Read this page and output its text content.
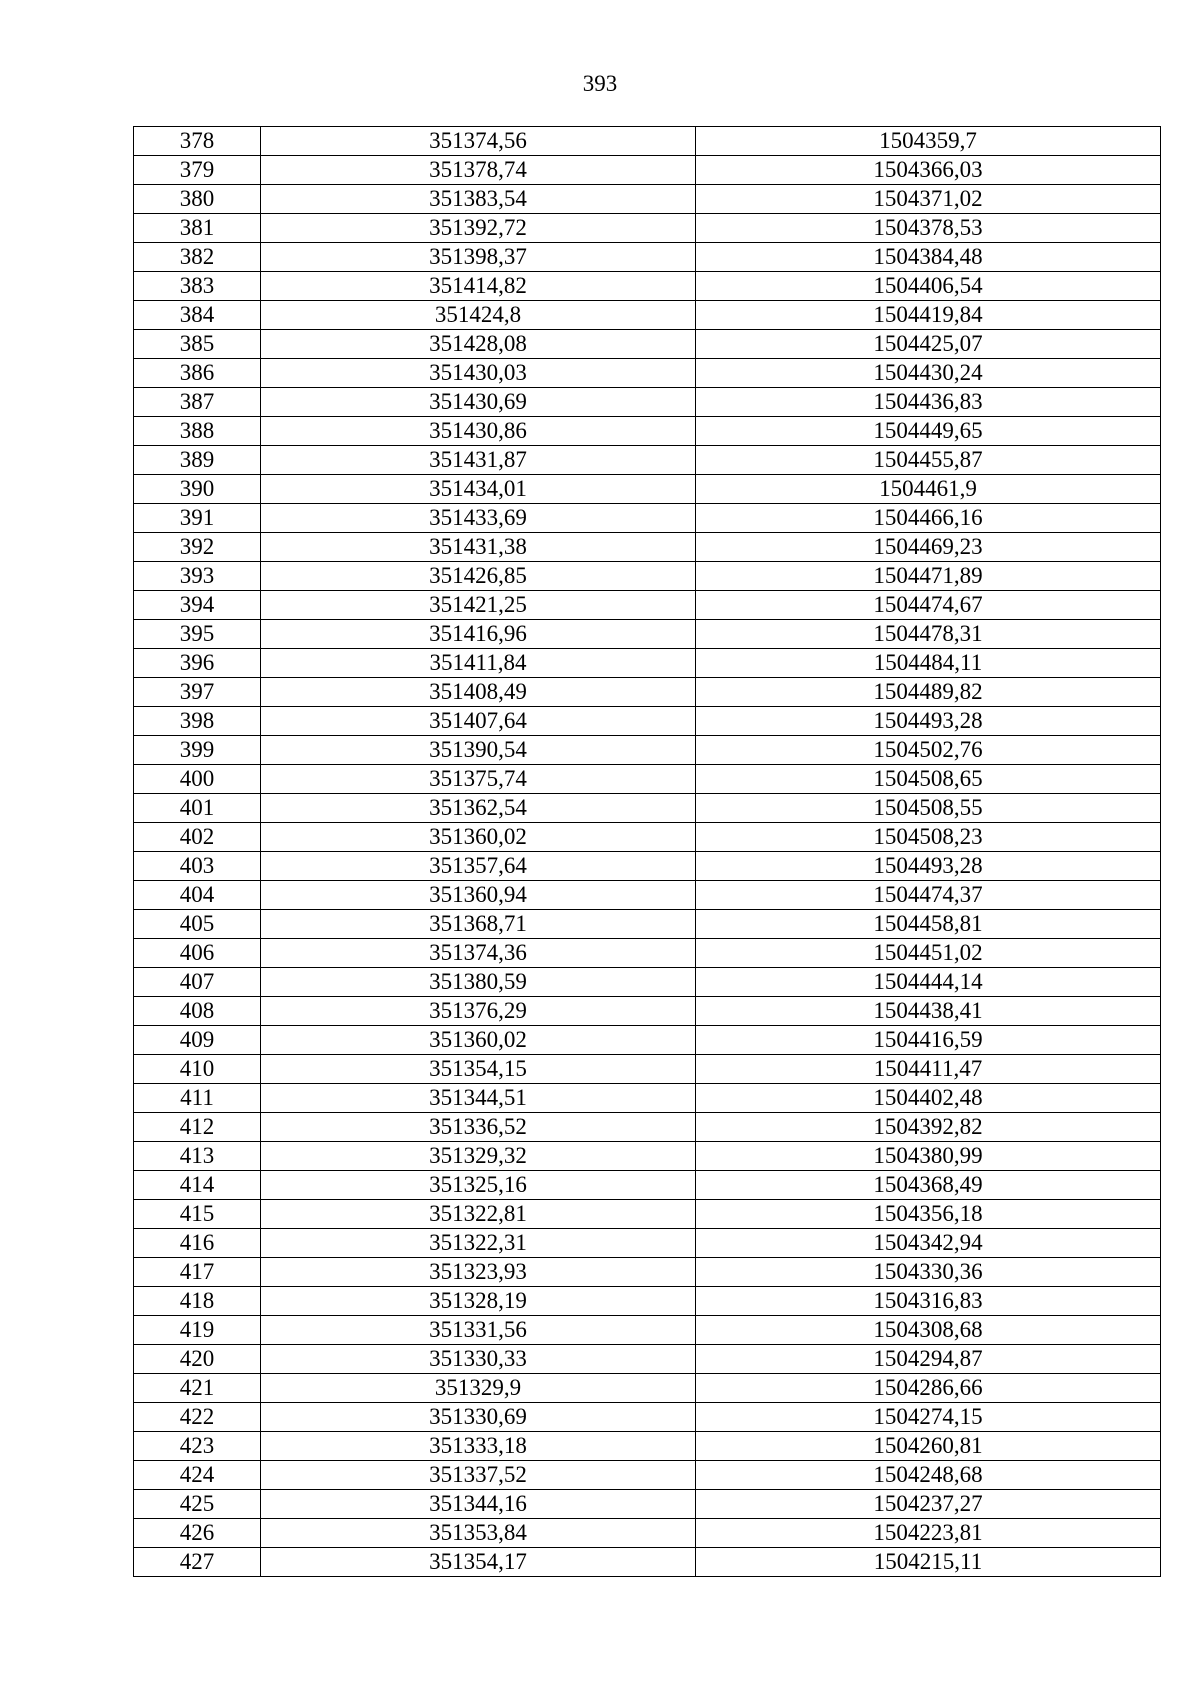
393
378	351374,56	1504359,7
379	351378,74	1504366,03
380	351383,54	1504371,02
381	351392,72	1504378,53
382	351398,37	1504384,48
383	351414,82	1504406,54
384	351424,8	1504419,84
385	351428,08	1504425,07
386	351430,03	1504430,24
387	351430,69	1504436,83
388	351430,86	1504449,65
389	351431,87	1504455,87
390	351434,01	1504461,9
391	351433,69	1504466,16
392	351431,38	1504469,23
393	351426,85	1504471,89
394	351421,25	1504474,67
395	351416,96	1504478,31
396	351411,84	1504484,11
397	351408,49	1504489,82
398	351407,64	1504493,28
399	351390,54	1504502,76
400	351375,74	1504508,65
401	351362,54	1504508,55
402	351360,02	1504508,23
403	351357,64	1504493,28
404	351360,94	1504474,37
405	351368,71	1504458,81
406	351374,36	1504451,02
407	351380,59	1504444,14
408	351376,29	1504438,41
409	351360,02	1504416,59
410	351354,15	1504411,47
411	351344,51	1504402,48
412	351336,52	1504392,82
413	351329,32	1504380,99
414	351325,16	1504368,49
415	351322,81	1504356,18
416	351322,31	1504342,94
417	351323,93	1504330,36
418	351328,19	1504316,83
419	351331,56	1504308,68
420	351330,33	1504294,87
421	351329,9	1504286,66
422	351330,69	1504274,15
423	351333,18	1504260,81
424	351337,52	1504248,68
425	351344,16	1504237,27
426	351353,84	1504223,81
427	351354,17	1504215,11
